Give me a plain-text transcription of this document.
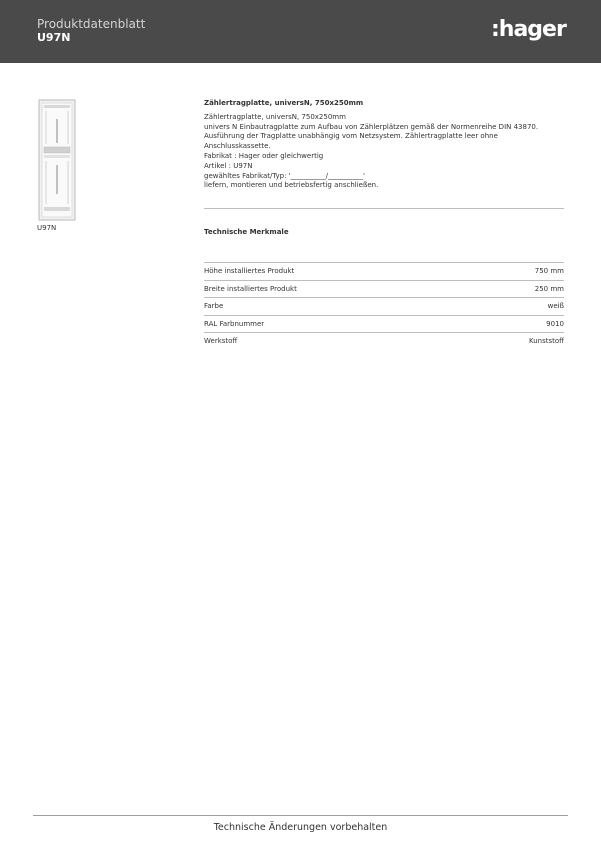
Produktdatenblatt
U97N	:hager
U97N
Zählertragplatte, universN, 750x250mm
Zählertragplatte, universN, 750x250mm
univers N Einbautragplatte zum Aufbau von Zählerplätzen gemäß der Normenreihe DIN 43870.
Ausführung der Tragplatte unabhängig vom Netzsystem. Zählertragplatte leer ohne
Anschlusskassette.
Fabrikat : Hager oder gleichwertig
Artikel : U97N
gewähltes Fabrikat/Typ: '__________/__________'
liefern, montieren und betriebsfertig anschließen.
Technische Merkmale
Höhe installiertes Produkt	750 mm
Breite installiertes Produkt	250 mm
Farbe	weiß
RAL Farbnummer	9010
Werkstoff	Kunststoff
Technische Änderungen vorbehalten
